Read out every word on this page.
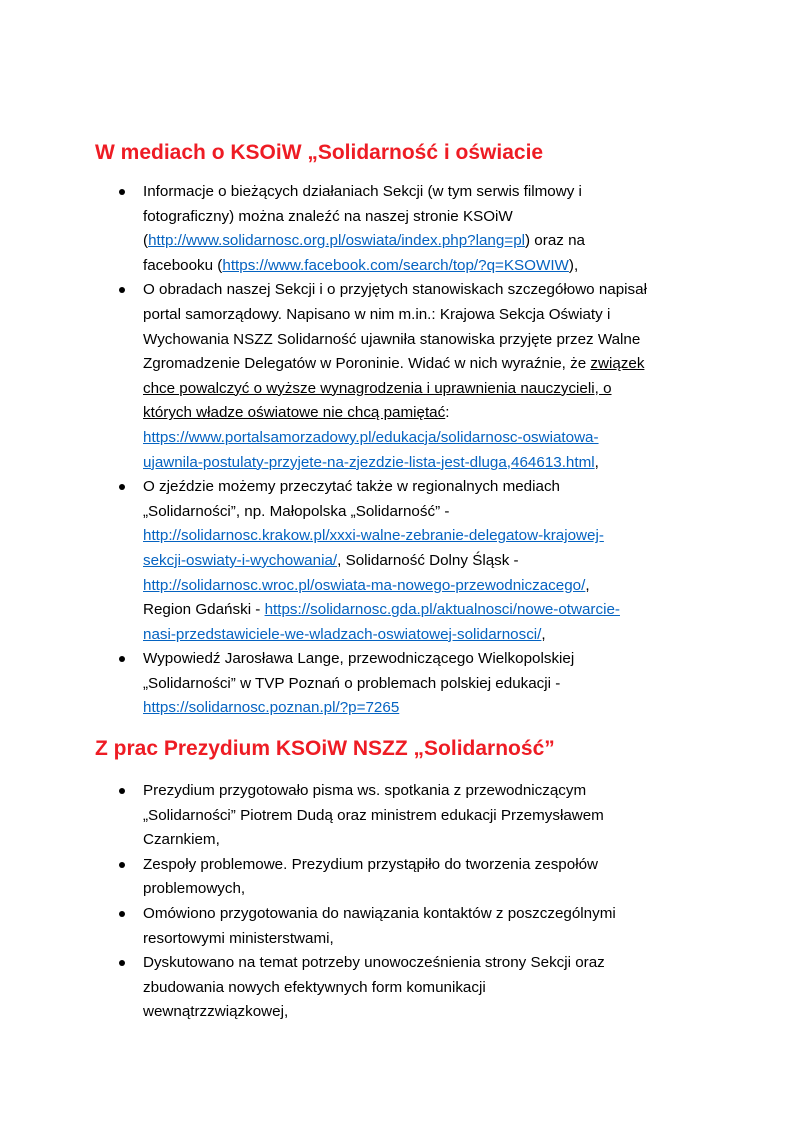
W mediach o KSOiW „Solidarność i oświacie
Informacje o bieżących działaniach Sekcji (w tym serwis filmowy i
fotograficzny) można znaleźć na naszej stronie KSOiW
(http://www.solidarnosc.org.pl/oswiata/index.php?lang=pl) oraz na
facebooku (https://www.facebook.com/search/top/?q=KSOWIW),
O obradach naszej Sekcji i o przyjętych stanowiskach szczegółowo napisał
portal samorządowy. Napisano w nim m.in.: Krajowa Sekcja Oświaty i
Wychowania NSZZ Solidarność ujawniła stanowiska przyjęte przez Walne
Zgromadzenie Delegatów w Poroninie. Widać w nich wyraźnie, że związek
chce powalczyć o wyższe wynagrodzenia i uprawnienia nauczycieli, o
których władze oświatowe nie chcą pamiętać:
https://www.portalsamorzadowy.pl/edukacja/solidarnosc-oswiatowa-
ujawnila-postulaty-przyjete-na-zjezdzie-lista-jest-dluga,464613.html,
O zjeździe możemy przeczytać także w regionalnych mediach
„Solidarności”, np. Małopolska „Solidarność” -
http://solidarnosc.krakow.pl/xxxi-walne-zebranie-delegatow-krajowej-
sekcji-oswiaty-i-wychowania/, Solidarność Dolny Śląsk -
http://solidarnosc.wroc.pl/oswiata-ma-nowego-przewodniczacego/,
Region Gdański - https://solidarnosc.gda.pl/aktualnosci/nowe-otwarcie-
nasi-przedstawiciele-we-wladzach-oswiatowej-solidarnosci/,
Wypowiedź Jarosława Lange, przewodniczącego Wielkopolskiej
„Solidarności” w TVP Poznań o problemach polskiej edukacji -
https://solidarnosc.poznan.pl/?p=7265
Z prac Prezydium KSOiW NSZZ „Solidarność”
Prezydium przygotowało pisma ws. spotkania z przewodniczącym
„Solidarności” Piotrem Dudą oraz ministrem edukacji Przemysławem
Czarnkiem,
Zespoły problemowe. Prezydium przystąpiło do tworzenia zespołów
problemowych,
Omówiono przygotowania do nawiązania kontaktów z poszczególnymi
resortowymi ministerstwami,
Dyskutowano na temat potrzeby unowocześnienia strony Sekcji oraz
zbudowania nowych efektywnych form komunikacji
wewnątrzzwiązkowej,
